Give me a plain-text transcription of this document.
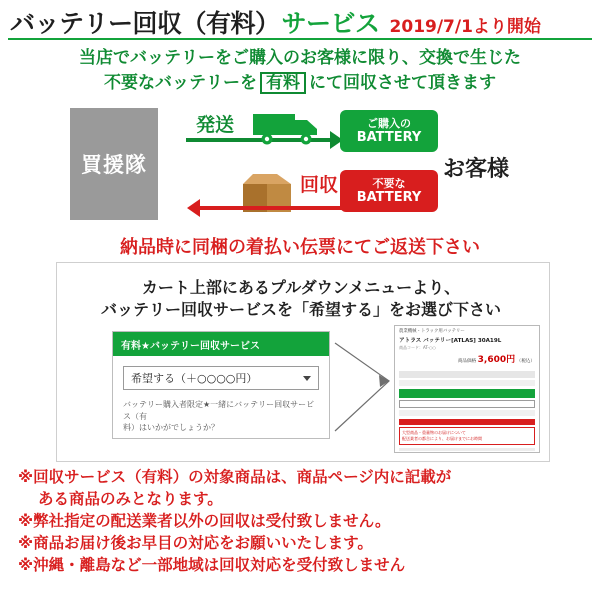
バッテリー回収（有料） サービス 2019/7/1より開始
当店でバッテリーをご購入のお客様に限り、交換で生じた
不要なバッテリーを 有料 にて回収させて頂きます
買援隊
発送
回収
ご購入の
BATTERY
不要な
BATTERY
お客様
納品時に同梱の着払い伝票にてご返送下さい
カート上部にあるプルダウンメニューより、
バッテリー回収サービスを「希望する」をお選び下さい
有料★バッテリー回収サービス
希望する（＋○○○○円）
バッテリー購入者限定★一緒にバッテリー回収サービス（有
料）はいかがでしょうか？
農業機械・トラック用バッテリー
アトラス バッテリー[ATLAS] 30A19L
商品コード：AT-○○
商品価格 3,600円 （税込）
大型商品・重量物のお届けについて
配送業者の都合により、お届けまでにお時間
※回収サービス（有料）の対象商品は、商品ページ内に記載が
ある商品のみとなります。
※弊社指定の配送業者以外の回収は受付致しません。
※商品お届け後お早目の対応をお願いいたします。
※沖縄・離島など一部地域は回収対応を受付致しません
